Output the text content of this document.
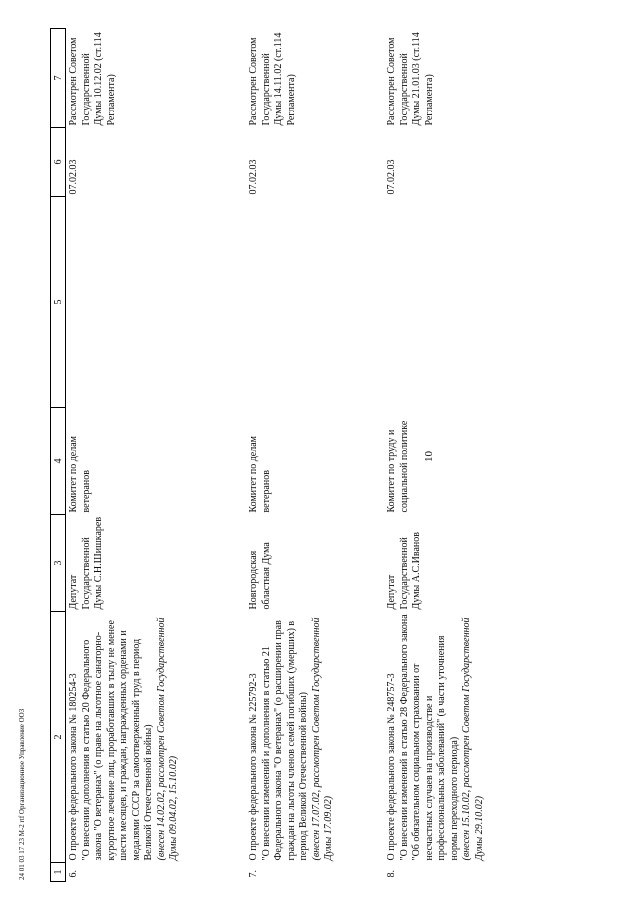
10
24 01 03 17 23 M-2 rtf Организационное Управление ООЗ	1	2	3	4	5	6	7
6.	О проекте федерального закона № 180254-3 "О внесении дополнения в статью 20 Федерального закона "О ветеранах" (о праве на льготное санаторно-курортное лечение лиц, проработавших в тылу не менее шести месяцев, и граждан, награжденных орденами и медалями СССР за самоотверженный труд в период Великой Отечественной войны) (внесен 14.02.02, рассмотрен Советом Государственной Думы 09.04.02, 15.10.02)	Депутат Государственной Думы С.Н.Шишкарев	Комитет по делам ветеранов		07.02.03	Рассмотрен Советом Государственной Думы 10.12.02 (ст.114 Регламента)
7.	О проекте федерального закона № 225792-3 "О внесении изменений и дополнения в статью 21 Федерального закона "О ветеранах" (о расширении прав граждан на льготы членов семей погибших (умерших) в период Великой Отечественной войны) (внесен 17.07.02, рассмотрен Советом Государственной Думы 17.09.02)	Новгородская областная Дума	Комитет по делам ветеранов		07.02.03	Рассмотрен Советом Государственной Думы 14.11.02 (ст.114 Регламента)
8.	О проекте федерального закона № 248757-3 "О внесении изменений в статью 28 Федерального закона "Об обязательном социальном страховании от несчастных случаев на производстве и профессиональных заболеваний" (в части уточнения нормы переходного периода) (внесен 15.10.02, рассмотрен Советом Государственной Думы 29.10.02)	Депутат Государственной Думы А.С.Иванов	Комитет по труду и социальной политике		07.02.03	Рассмотрен Советом Государственной Думы 21.01.03 (ст.114 Регламента)
